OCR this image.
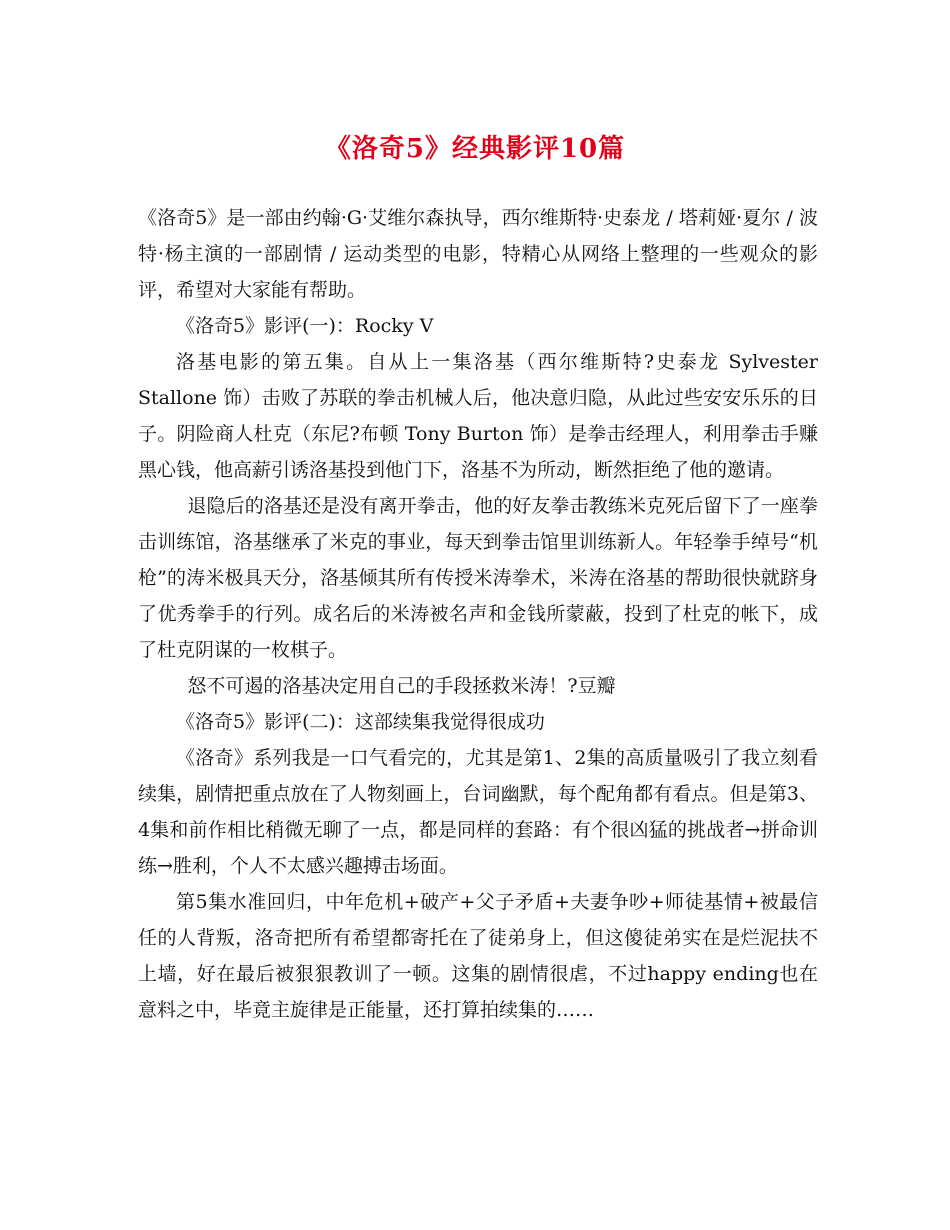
《洛奇5》经典影评10篇

《洛奇5》是一部由约翰·G·艾维尔森执导，西尔维斯特·史泰龙 / 塔莉娅·夏尔 / 波特·杨主演的一部剧情 / 运动类型的电影，特精心从网络上整理的一些观众的影评，希望对大家能有帮助。

《洛奇5》影评(一)：Rocky V

洛基电影的第五集。自从上一集洛基（西尔维斯特?史泰龙 Sylvester Stallone 饰）击败了苏联的拳击机械人后，他决意归隐，从此过些安安乐乐的日子。阴险商人杜克（东尼?布顿 Tony Burton 饰）是拳击经理人，利用拳击手赚黑心钱，他高薪引诱洛基投到他门下，洛基不为所动，断然拒绝了他的邀请。

退隐后的洛基还是没有离开拳击，他的好友拳击教练米克死后留下了一座拳击训练馆，洛基继承了米克的事业，每天到拳击馆里训练新人。年轻拳手绰号“机枪”的涛米极具天分，洛基倾其所有传授米涛拳术，米涛在洛基的帮助很快就跻身了优秀拳手的行列。成名后的米涛被名声和金钱所蒙蔽，投到了杜克的帐下，成了杜克阴谋的一枚棋子。

怒不可遏的洛基决定用自己的手段拯救米涛！?豆瓣

《洛奇5》影评(二)：这部续集我觉得很成功

《洛奇》系列我是一口气看完的，尤其是第1、2集的高质量吸引了我立刻看续集，剧情把重点放在了人物刻画上，台词幽默，每个配角都有看点。但是第3、4集和前作相比稍微无聊了一点，都是同样的套路：有个很凶猛的挑战者→拼命训练→胜利，个人不太感兴趣搏击场面。

第5集水准回归，中年危机+破产+父子矛盾+夫妻争吵+师徒基情+被最信任的人背叛，洛奇把所有希望都寄托在了徒弟身上，但这傻徒弟实在是烂泥扶不上墙，好在最后被狠狠教训了一顿。这集的剧情很虐，不过happy ending也在意料之中，毕竟主旋律是正能量，还打算拍续集的……
